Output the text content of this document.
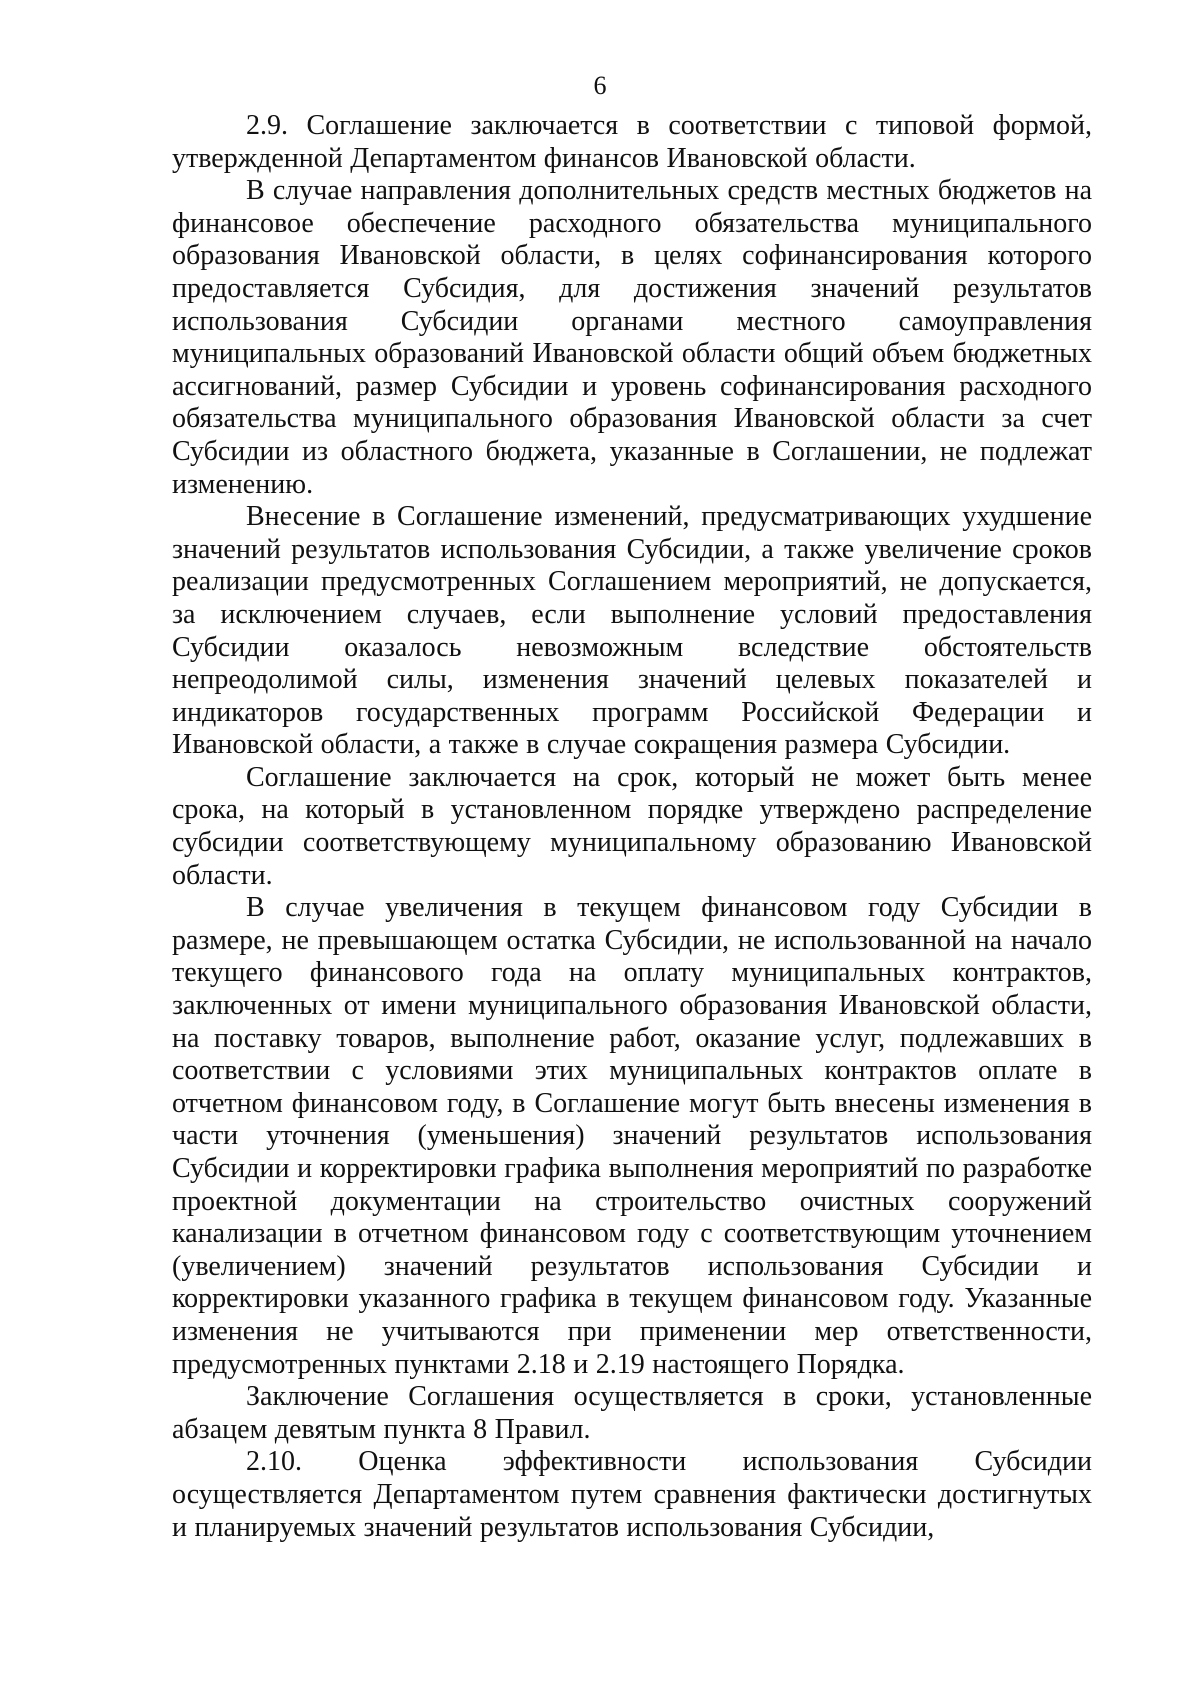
6

2.9. Соглашение заключается в соответствии с типовой формой, утвержденной Департаментом финансов Ивановской области.

В случае направления дополнительных средств местных бюджетов на финансовое обеспечение расходного обязательства муниципального образования Ивановской области, в целях софинансирования которого предоставляется Субсидия, для достижения значений результатов использования Субсидии органами местного самоуправления муниципальных образований Ивановской области общий объем бюджетных ассигнований, размер Субсидии и уровень софинансирования расходного обязательства муниципального образования Ивановской области за счет Субсидии из областного бюджета, указанные в Соглашении, не подлежат изменению.

Внесение в Соглашение изменений, предусматривающих ухудшение значений результатов использования Субсидии, а также увеличение сроков реализации предусмотренных Соглашением мероприятий, не допускается, за исключением случаев, если выполнение условий предоставления Субсидии оказалось невозможным вследствие обстоятельств непреодолимой силы, изменения значений целевых показателей и индикаторов государственных программ Российской Федерации и Ивановской области, а также в случае сокращения размера Субсидии.

Соглашение заключается на срок, который не может быть менее срока, на который в установленном порядке утверждено распределение субсидии соответствующему муниципальному образованию Ивановской области.

В случае увеличения в текущем финансовом году Субсидии в размере, не превышающем остатка Субсидии, не использованной на начало текущего финансового года на оплату муниципальных контрактов, заключенных от имени муниципального образования Ивановской области, на поставку товаров, выполнение работ, оказание услуг, подлежавших в соответствии с условиями этих муниципальных контрактов оплате в отчетном финансовом году, в Соглашение могут быть внесены изменения в части уточнения (уменьшения) значений результатов использования Субсидии и корректировки графика выполнения мероприятий по разработке проектной документации на строительство очистных сооружений канализации в отчетном финансовом году с соответствующим уточнением (увеличением) значений результатов использования Субсидии и корректировки указанного графика в текущем финансовом году. Указанные изменения не учитываются при применении мер ответственности, предусмотренных пунктами 2.18 и 2.19 настоящего Порядка.

Заключение Соглашения осуществляется в сроки, установленные абзацем девятым пункта 8 Правил.

2.10. Оценка эффективности использования Субсидии осуществляется Департаментом путем сравнения фактически достигнутых и планируемых значений результатов использования Субсидии,
